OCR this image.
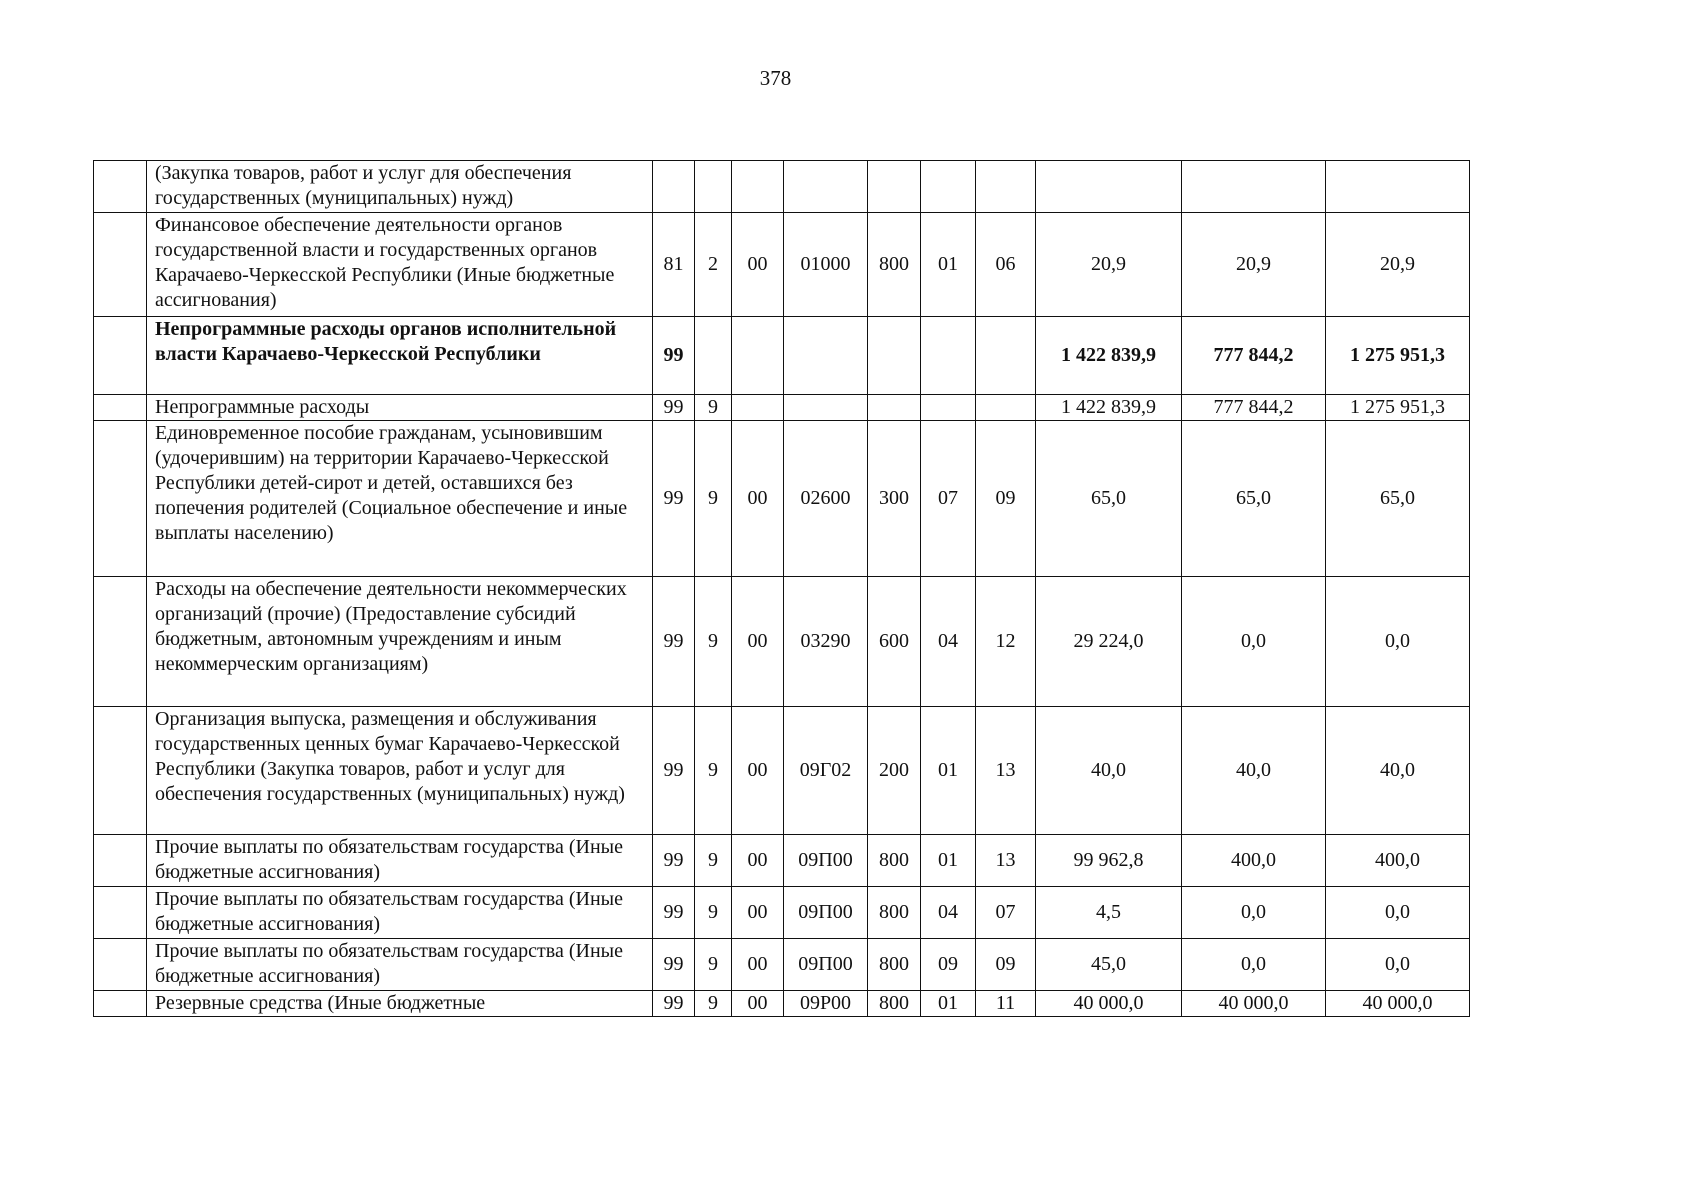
378
	(Закупка товаров, работ и услуг для обеспечения государственных (муниципальных) нужд)										
	Финансовое обеспечение деятельности органов государственной власти и государственных органов Карачаево-Черкесской Республики (Иные бюджетные ассигнования)	81	2	00	01000	800	01	06	20,9	20,9	20,9
	Непрограммные расходы органов исполнительной власти Карачаево-Черкесской Республики	99							1 422 839,9	777 844,2	1 275 951,3
	Непрограммные расходы	99	9						1 422 839,9	777 844,2	1 275 951,3
	Единовременное пособие гражданам, усыновившим (удочерившим) на территории Карачаево-Черкесской Республики детей-сирот и детей, оставшихся без попечения родителей (Социальное обеспечение и иные выплаты населению)	99	9	00	02600	300	07	09	65,0	65,0	65,0
	Расходы на обеспечение деятельности некоммерческих организаций (прочие) (Предоставление субсидий бюджетным, автономным учреждениям и иным некоммерческим организациям)	99	9	00	03290	600	04	12	29 224,0	0,0	0,0
	Организация выпуска, размещения и обслуживания государственных ценных бумаг Карачаево-Черкесской Республики (Закупка товаров, работ и услуг для обеспечения государственных (муниципальных) нужд)	99	9	00	09Г02	200	01	13	40,0	40,0	40,0
	Прочие выплаты по обязательствам государства (Иные бюджетные ассигнования)	99	9	00	09П00	800	01	13	99 962,8	400,0	400,0
	Прочие выплаты по обязательствам государства (Иные бюджетные ассигнования)	99	9	00	09П00	800	04	07	4,5	0,0	0,0
	Прочие выплаты по обязательствам государства (Иные бюджетные ассигнования)	99	9	00	09П00	800	09	09	45,0	0,0	0,0
	Резервные средства (Иные бюджетные	99	9	00	09Р00	800	01	11	40 000,0	40 000,0	40 000,0
